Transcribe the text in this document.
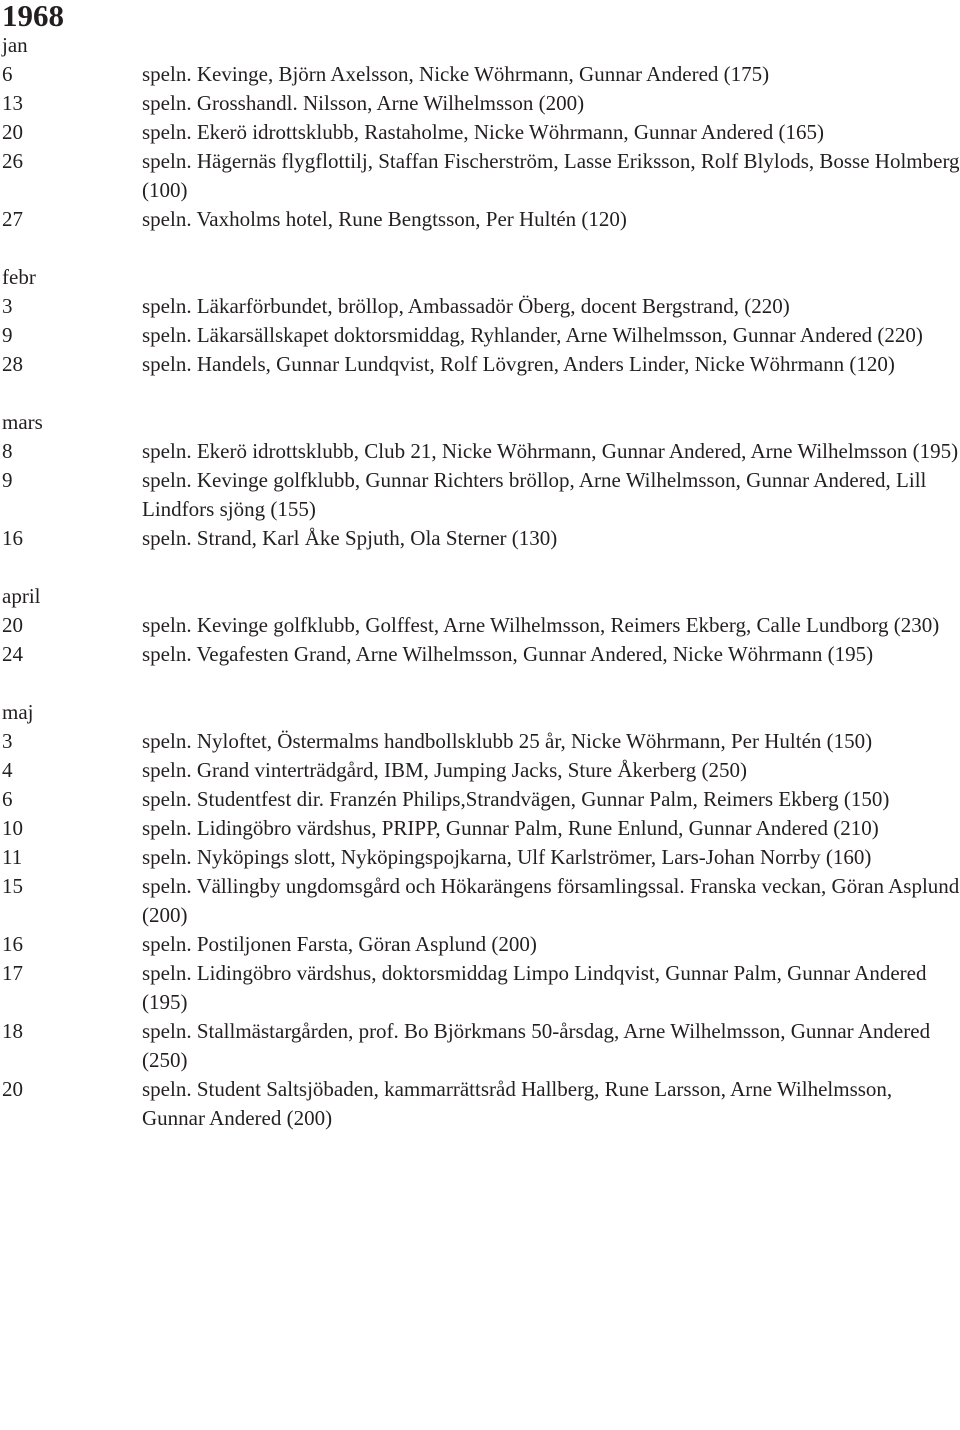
1968
jan
6	speln. Kevinge, Björn Axelsson, Nicke Wöhrmann, Gunnar Andered (175)
13	speln. Grosshandl. Nilsson, Arne Wilhelmsson (200)
20	speln. Ekerö idrottsklubb, Rastaholme, Nicke Wöhrmann, Gunnar Andered (165)
26	speln. Hägernäs flygflottilj, Staffan Fischerström, Lasse Eriksson, Rolf Blylods, Bosse Holmberg (100)
27	speln. Vaxholms hotel, Rune Bengtsson, Per Hultén (120)
febr
3	speln. Läkarförbundet, bröllop, Ambassadör Öberg, docent Bergstrand, (220)
9	speln. Läkarsällskapet doktorsmiddag, Ryhlander, Arne Wilhelmsson, Gunnar Andered (220)
28	speln. Handels, Gunnar Lundqvist, Rolf Lövgren, Anders Linder, Nicke Wöhrmann (120)
mars
8	speln. Ekerö idrottsklubb, Club 21, Nicke Wöhrmann, Gunnar Andered, Arne Wilhelmsson (195)
9	speln. Kevinge golfklubb, Gunnar Richters bröllop, Arne Wilhelmsson, Gunnar Andered, Lill Lindfors sjöng (155)
16	speln. Strand, Karl Åke Spjuth, Ola Sterner (130)
april
20	speln. Kevinge golfklubb, Golffest, Arne Wilhelmsson, Reimers Ekberg, Calle Lundborg (230)
24	speln. Vegafesten Grand, Arne Wilhelmsson, Gunnar Andered, Nicke Wöhrmann (195)
maj
3	speln. Nyloftet, Östermalms handbollsklubb 25 år, Nicke Wöhrmann, Per Hultén (150)
4	speln. Grand vinterträdgård, IBM, Jumping Jacks, Sture Åkerberg (250)
6	speln. Studentfest dir. Franzén Philips,Strandvägen, Gunnar Palm, Reimers Ekberg (150)
10	speln. Lidingöbro värdshus, PRIPP, Gunnar Palm, Rune Enlund, Gunnar Andered (210)
11	speln. Nyköpings slott, Nyköpingspojkarna, Ulf Karlströmer, Lars-Johan Norrby (160)
15	speln. Vällingby ungdomsgård och Hökarängens församlingssal. Franska veckan, Göran Asplund (200)
16	speln. Postiljonen Farsta, Göran Asplund (200)
17	speln. Lidingöbro värdshus, doktorsmiddag Limpo Lindqvist, Gunnar Palm, Gunnar Andered (195)
18	speln. Stallmästargården, prof. Bo Björkmans 50-årsdag, Arne Wilhelmsson, Gunnar Andered (250)
20	speln. Student Saltsjöbaden, kammarrättsråd Hallberg, Rune Larsson, Arne Wilhelmsson, Gunnar Andered (200)
